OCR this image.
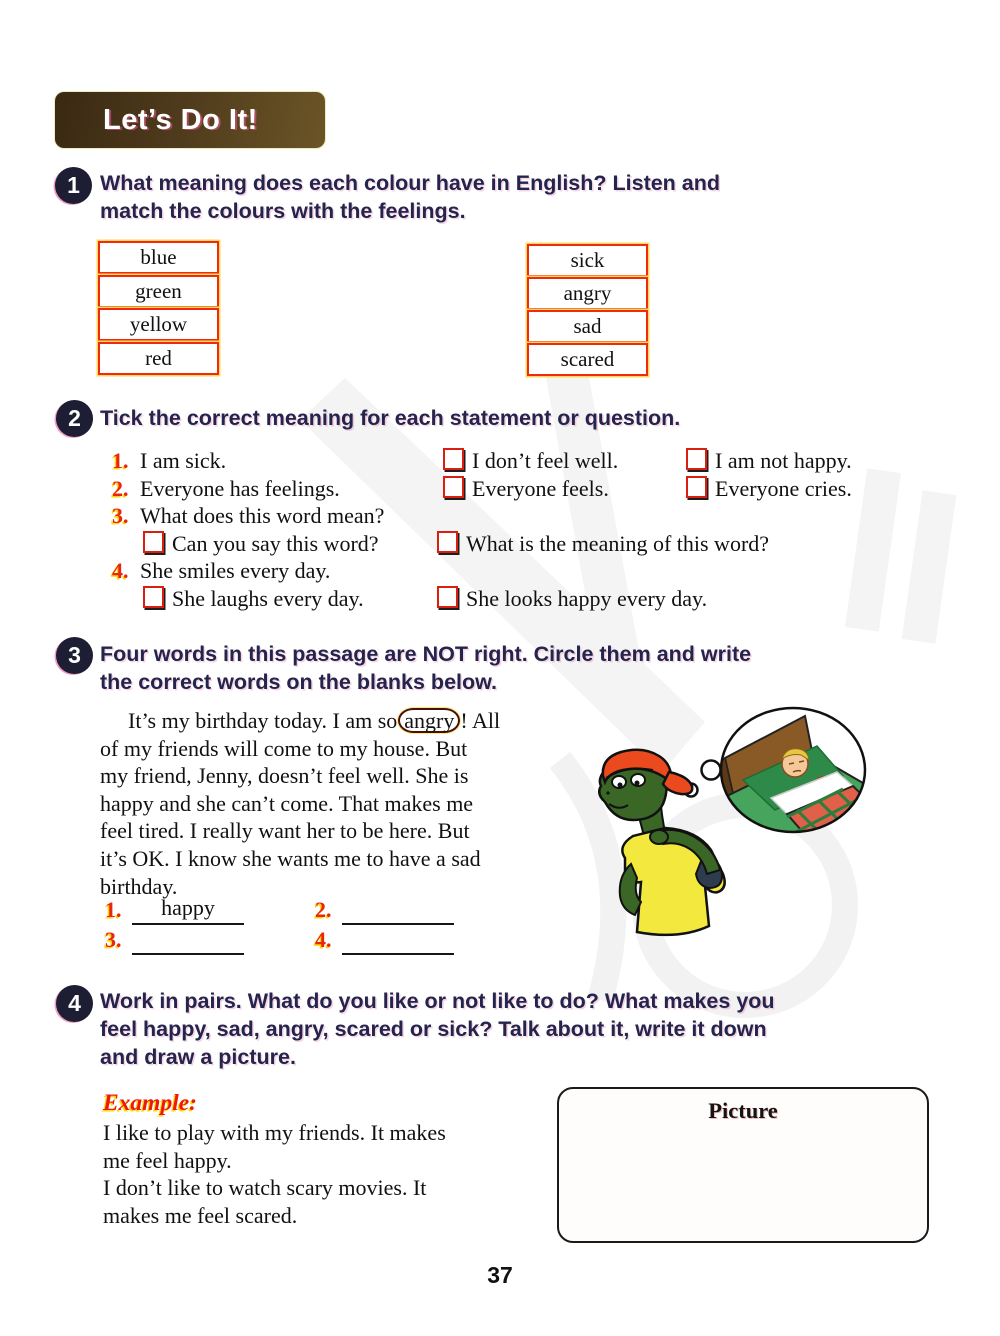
Let’s Do It!
1 What meaning does each colour have in English? Listen and
match the colours with the feelings.
blue
green
yellow
red
sick
angry
sad
scared
2 Tick the correct meaning for each statement or question.
1. I am sick.	I don’t feel well.	I am not happy.
2. Everyone has feelings.	Everyone feels.	Everyone cries.
3. What does this word mean?
Can you say this word?	What is the meaning of this word?
4. She smiles every day.
She laughs every day.	She looks happy every day.
3 Four words in this passage are NOT right. Circle them and write
the correct words on the blanks below.
It’s my birthday today. I am so angry ! All
of my friends will come to my house. But
my friend, Jenny, doesn’t feel well. She is
happy and she can’t come. That makes me
feel tired. I really want her to be here. But
it’s OK. I know she wants me to have a sad
birthday.
1.	happy	2.
3.	4.
4 Work in pairs. What do you like or not like to do? What makes you
feel happy, sad, angry, scared or sick? Talk about it, write it down
and draw a picture.
Example:
I like to play with my friends. It makes
me feel happy.
I don’t like to watch scary movies. It
makes me feel scared.
Picture
37
